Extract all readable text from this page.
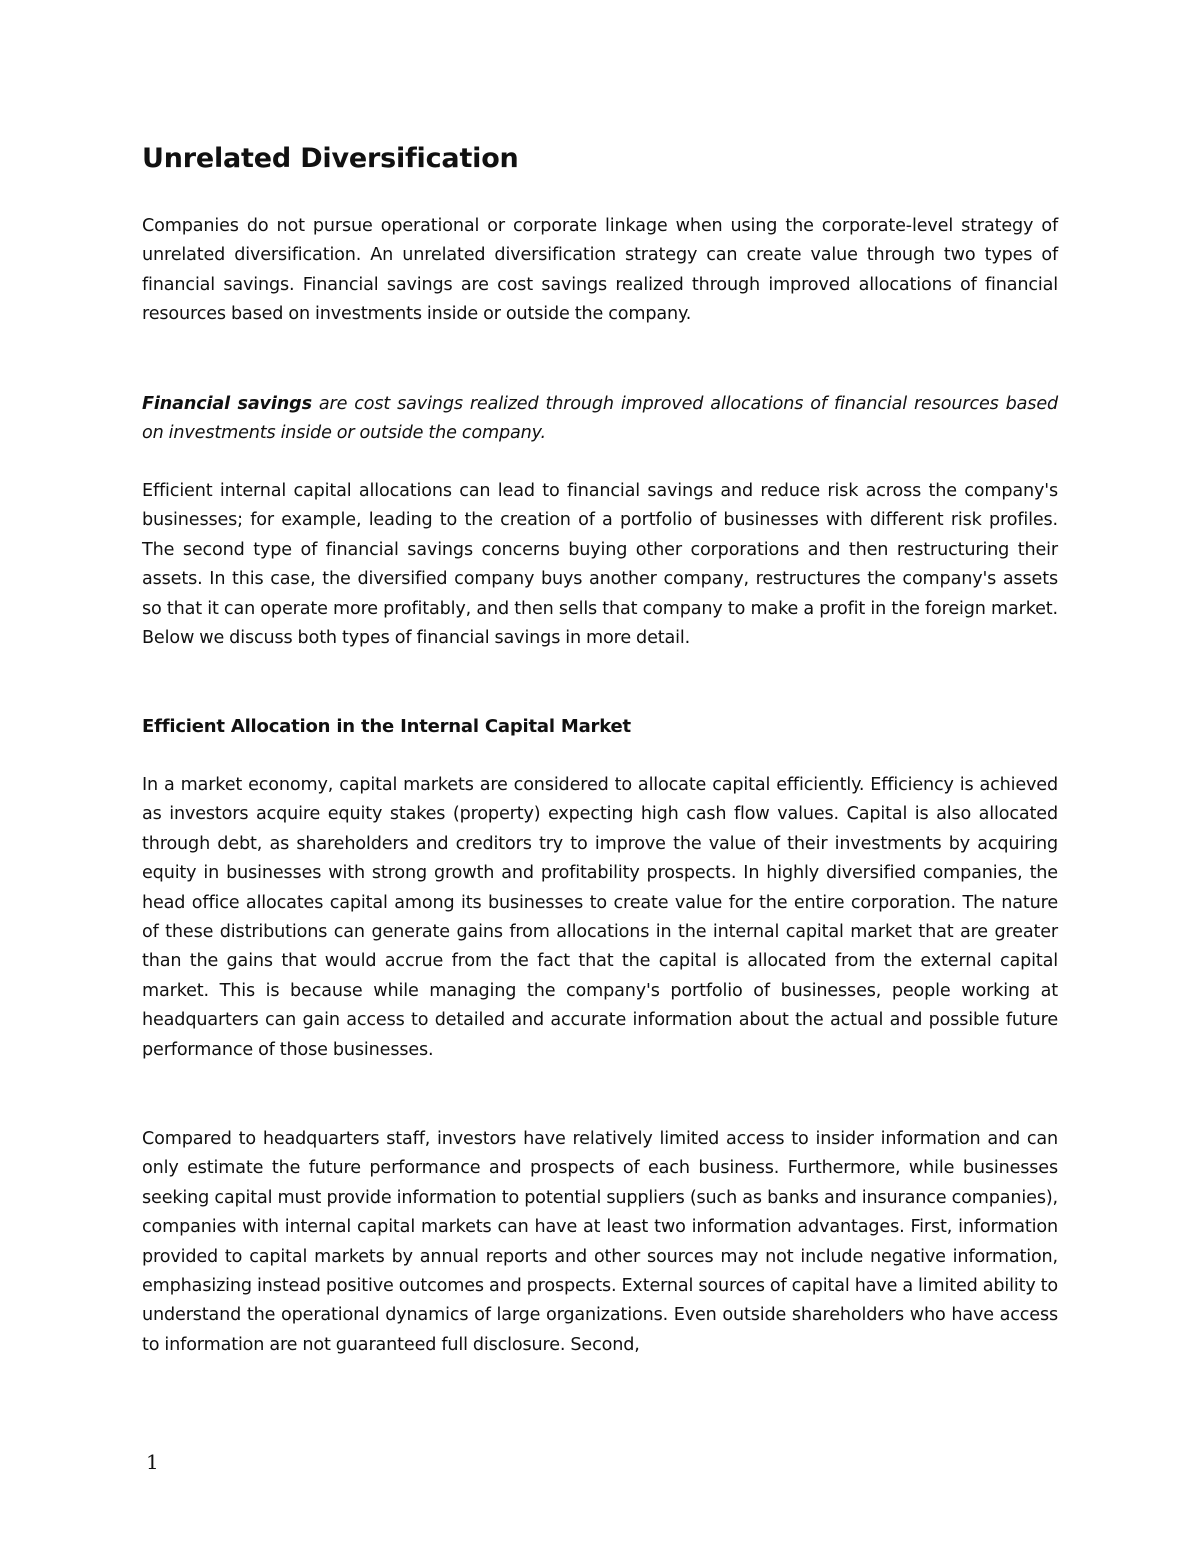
Unrelated Diversification

Companies do not pursue operational or corporate linkage when using the corporate-level strategy of unrelated diversification. An unrelated diversification strategy can create value through two types of financial savings. Financial savings are cost savings realized through improved allocations of financial resources based on investments inside or outside the company.

Financial savings are cost savings realized through improved allocations of financial resources based on investments inside or outside the company.

Efficient internal capital allocations can lead to financial savings and reduce risk across the company's businesses; for example, leading to the creation of a portfolio of businesses with different risk profiles. The second type of financial savings concerns buying other corporations and then restructuring their assets. In this case, the diversified company buys another company, restructures the company's assets so that it can operate more profitably, and then sells that company to make a profit in the foreign market. Below we discuss both types of financial savings in more detail.

Efficient Allocation in the Internal Capital Market

In a market economy, capital markets are considered to allocate capital efficiently. Efficiency is achieved as investors acquire equity stakes (property) expecting high cash flow values. Capital is also allocated through debt, as shareholders and creditors try to improve the value of their investments by acquiring equity in businesses with strong growth and profitability prospects. In highly diversified companies, the head office allocates capital among its businesses to create value for the entire corporation. The nature of these distributions can generate gains from allocations in the internal capital market that are greater than the gains that would accrue from the fact that the capital is allocated from the external capital market. This is because while managing the company's portfolio of businesses, people working at headquarters can gain access to detailed and accurate information about the actual and possible future performance of those businesses.

Compared to headquarters staff, investors have relatively limited access to insider information and can only estimate the future performance and prospects of each business. Furthermore, while businesses seeking capital must provide information to potential suppliers (such as banks and insurance companies), companies with internal capital markets can have at least two information advantages. First, information provided to capital markets by annual reports and other sources may not include negative information, emphasizing instead positive outcomes and prospects. External sources of capital have a limited ability to understand the operational dynamics of large organizations. Even outside shareholders who have access to information are not guaranteed full disclosure. Second,

1
